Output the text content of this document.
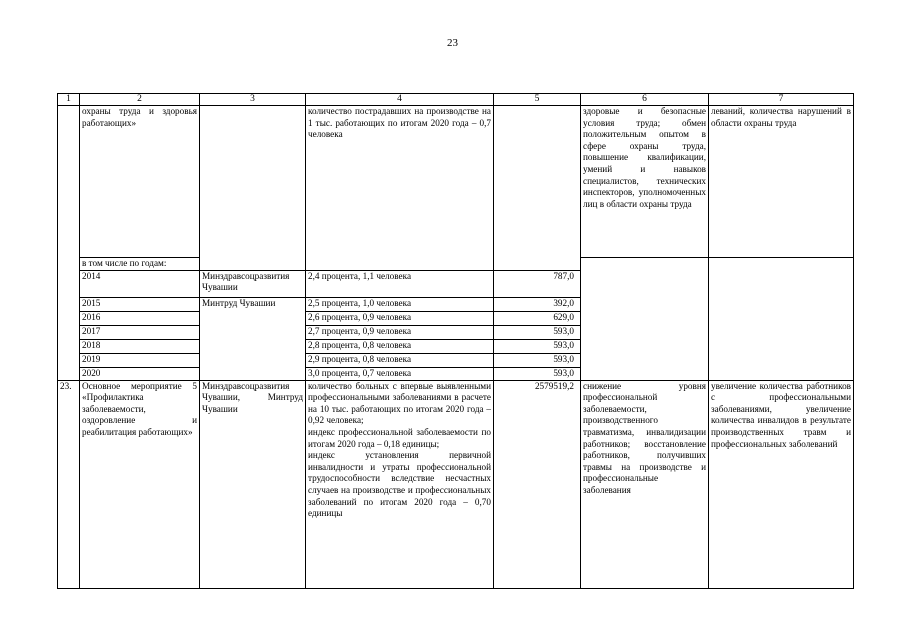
23
1	2	3	4	5	6	7
	охраны труда и здоровья работающих»		количество пострадавших на производстве на 1 тыс. работающих по итогам 2020 года – 0,7 человека		здоровые и безопасные условия труда; обмен положительным опытом в сфере охраны труда, повышение квалификации, умений и навыков специалистов, технических инспекторов, уполномоченных лиц в области охраны труда	леваний, количества нарушений в области охраны труда
	в том числе по годам:					
	2014	Минздравсоцразвития Чувашии	2,4 процента, 1,1 человека	787,0		
	2015	Минтруд Чувашии	2,5 процента, 1,0 человека	392,0		
	2016		2,6 процента, 0,9 человека	629,0		
	2017		2,7 процента, 0,9 человека	593,0		
	2018		2,8 процента, 0,8 человека	593,0		
	2019		2,9 процента, 0,8 человека	593,0		
	2020		3,0 процента, 0,7 человека	593,0		
23.	Основное мероприятие 5 «Профилактика заболеваемости, оздоровление и реабилитация работающих»	Минздравсоцразвития Чувашии, Минтруд Чувашии	количество больных с впервые выявленными профессиональными заболеваниями в расчете на 10 тыс. работающих по итогам 2020 года – 0,92 человека;
индекс профессиональной заболеваемости по итогам 2020 года – 0,18 единицы;
индекс установления первичной инвалидности и утраты профессиональной трудоспособности вследствие несчастных случаев на производстве и профессиональных заболеваний по итогам 2020 года – 0,70 единицы	2579519,2	снижение уровня профессиональной заболеваемости, производственного травматизма, инвалидизации работников; восстановление работников, получивших травмы на производстве и профессиональные заболевания	увеличение количества работников с профессиональными заболеваниями, увеличение количества инвалидов в результате производственных травм и профессиональных заболеваний
